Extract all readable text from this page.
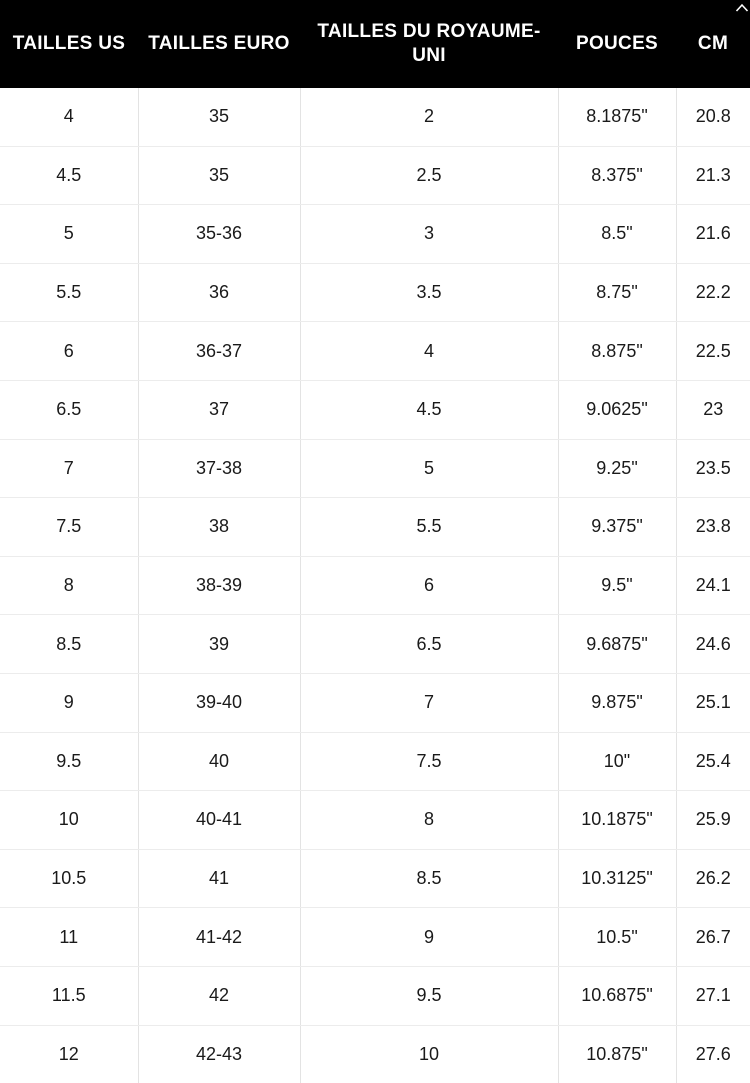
TAILLES US	TAILLES EURO	TAILLES DU ROYAUME-UNI	POUCES	CM
4	35	2	8.1875"	20.8
4.5	35	2.5	8.375"	21.3
5	35-36	3	8.5"	21.6
5.5	36	3.5	8.75"	22.2
6	36-37	4	8.875"	22.5
6.5	37	4.5	9.0625"	23
7	37-38	5	9.25"	23.5
7.5	38	5.5	9.375"	23.8
8	38-39	6	9.5"	24.1
8.5	39	6.5	9.6875"	24.6
9	39-40	7	9.875"	25.1
9.5	40	7.5	10"	25.4
10	40-41	8	10.1875"	25.9
10.5	41	8.5	10.3125"	26.2
11	41-42	9	10.5"	26.7
11.5	42	9.5	10.6875"	27.1
12	42-43	10	10.875"	27.6
